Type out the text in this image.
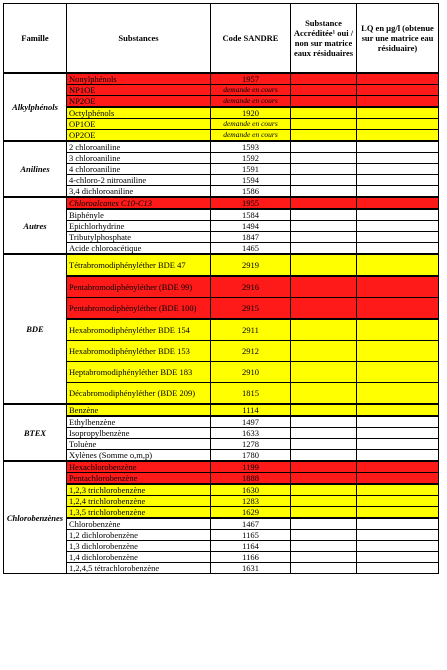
Famille	Substances	Code SANDRE	Substance Accréditée¹ oui / non sur matrice eaux résiduaires	LQ en µg/l (obtenue sur une matrice eau résiduaire)
Alkylphénols	Nonylphénols	1957		
	NP1OE	demande en cours		
	NP2OE	demande en cours		
	Octylphénols	1920		
	OP1OE	demande en cours		
	OP2OE	demande en cours		
Anilines	2 chloroaniline	1593		
	3 chloroaniline	1592		
	4 chloroaniline	1591		
	4-chloro-2 nitroaniline	1594		
	3,4 dichloroaniline	1586		
Autres	Chloroalcanes C10-C13	1955		
	Biphényle	1584		
	Epichlorhydrine	1494		
	Tributylphosphate	1847		
	Acide chloroacétique	1465		
BDE	Tétrabromodiphényléther BDE 47	2919		
	Pentabromodiphényléther (BDE 99)	2916		
	Pentabromodiphényléther (BDE 100)	2915		
	Hexabromodiphényléther BDE 154	2911		
	Hexabromodiphényléther BDE 153	2912		
	Heptabromodiphényléther BDE 183	2910		
	Décabromodiphényléther (BDE 209)	1815		
BTEX	Benzène	1114		
	Ethylbenzène	1497		
	Isopropylbenzène	1633		
	Toluène	1278		
	Xylènes (Somme o,m,p)	1780		
Chlorobenzènes	Hexachlorobenzène	1199		
	Pentachlorobenzène	1888		
	1,2,3 trichlorobenzène	1630		
	1,2,4 trichlorobenzène	1283		
	1,3,5 trichlorobenzène	1629		
	Chlorobenzène	1467		
	1,2 dichlorobenzène	1165		
	1,3 dichlorobenzène	1164		
	1,4 dichlorobenzène	1166		
	1,2,4,5 tétrachlorobenzène	1631		
